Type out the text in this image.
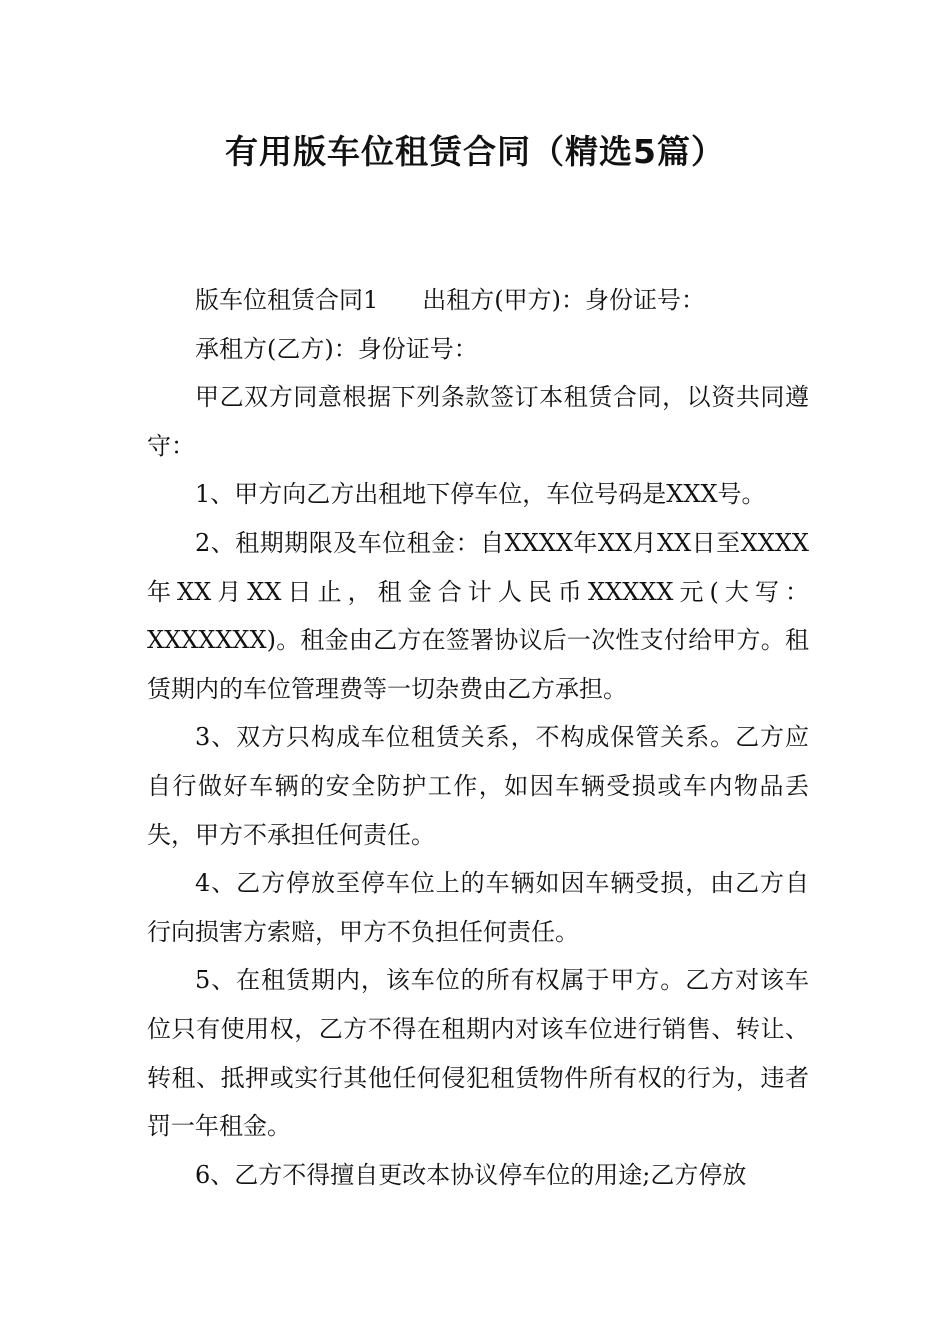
有用版车位租赁合同（精选5篇）

版车位租赁合同1 出租方(甲方)：身份证号：

承租方(乙方)：身份证号：

甲乙双方同意根据下列条款签订本租赁合同，以资共同遵守：

1、甲方向乙方出租地下停车位，车位号码是XXX号。

2、租期期限及车位租金：自XXXX年XX月XX日至XXXX年XX月XX日止，租金合计人民币XXXXX元(大写：XXXXXXX)。租金由乙方在签署协议后一次性支付给甲方。租赁期内的车位管理费等一切杂费由乙方承担。

3、双方只构成车位租赁关系，不构成保管关系。乙方应自行做好车辆的安全防护工作，如因车辆受损或车内物品丢失，甲方不承担任何责任。

4、乙方停放至停车位上的车辆如因车辆受损，由乙方自行向损害方索赔，甲方不负担任何责任。

5、在租赁期内，该车位的所有权属于甲方。乙方对该车位只有使用权，乙方不得在租期内对该车位进行销售、转让、转租、抵押或实行其他任何侵犯租赁物件所有权的行为，违者罚一年租金。

6、乙方不得擅自更改本协议停车位的用途;乙方停放
